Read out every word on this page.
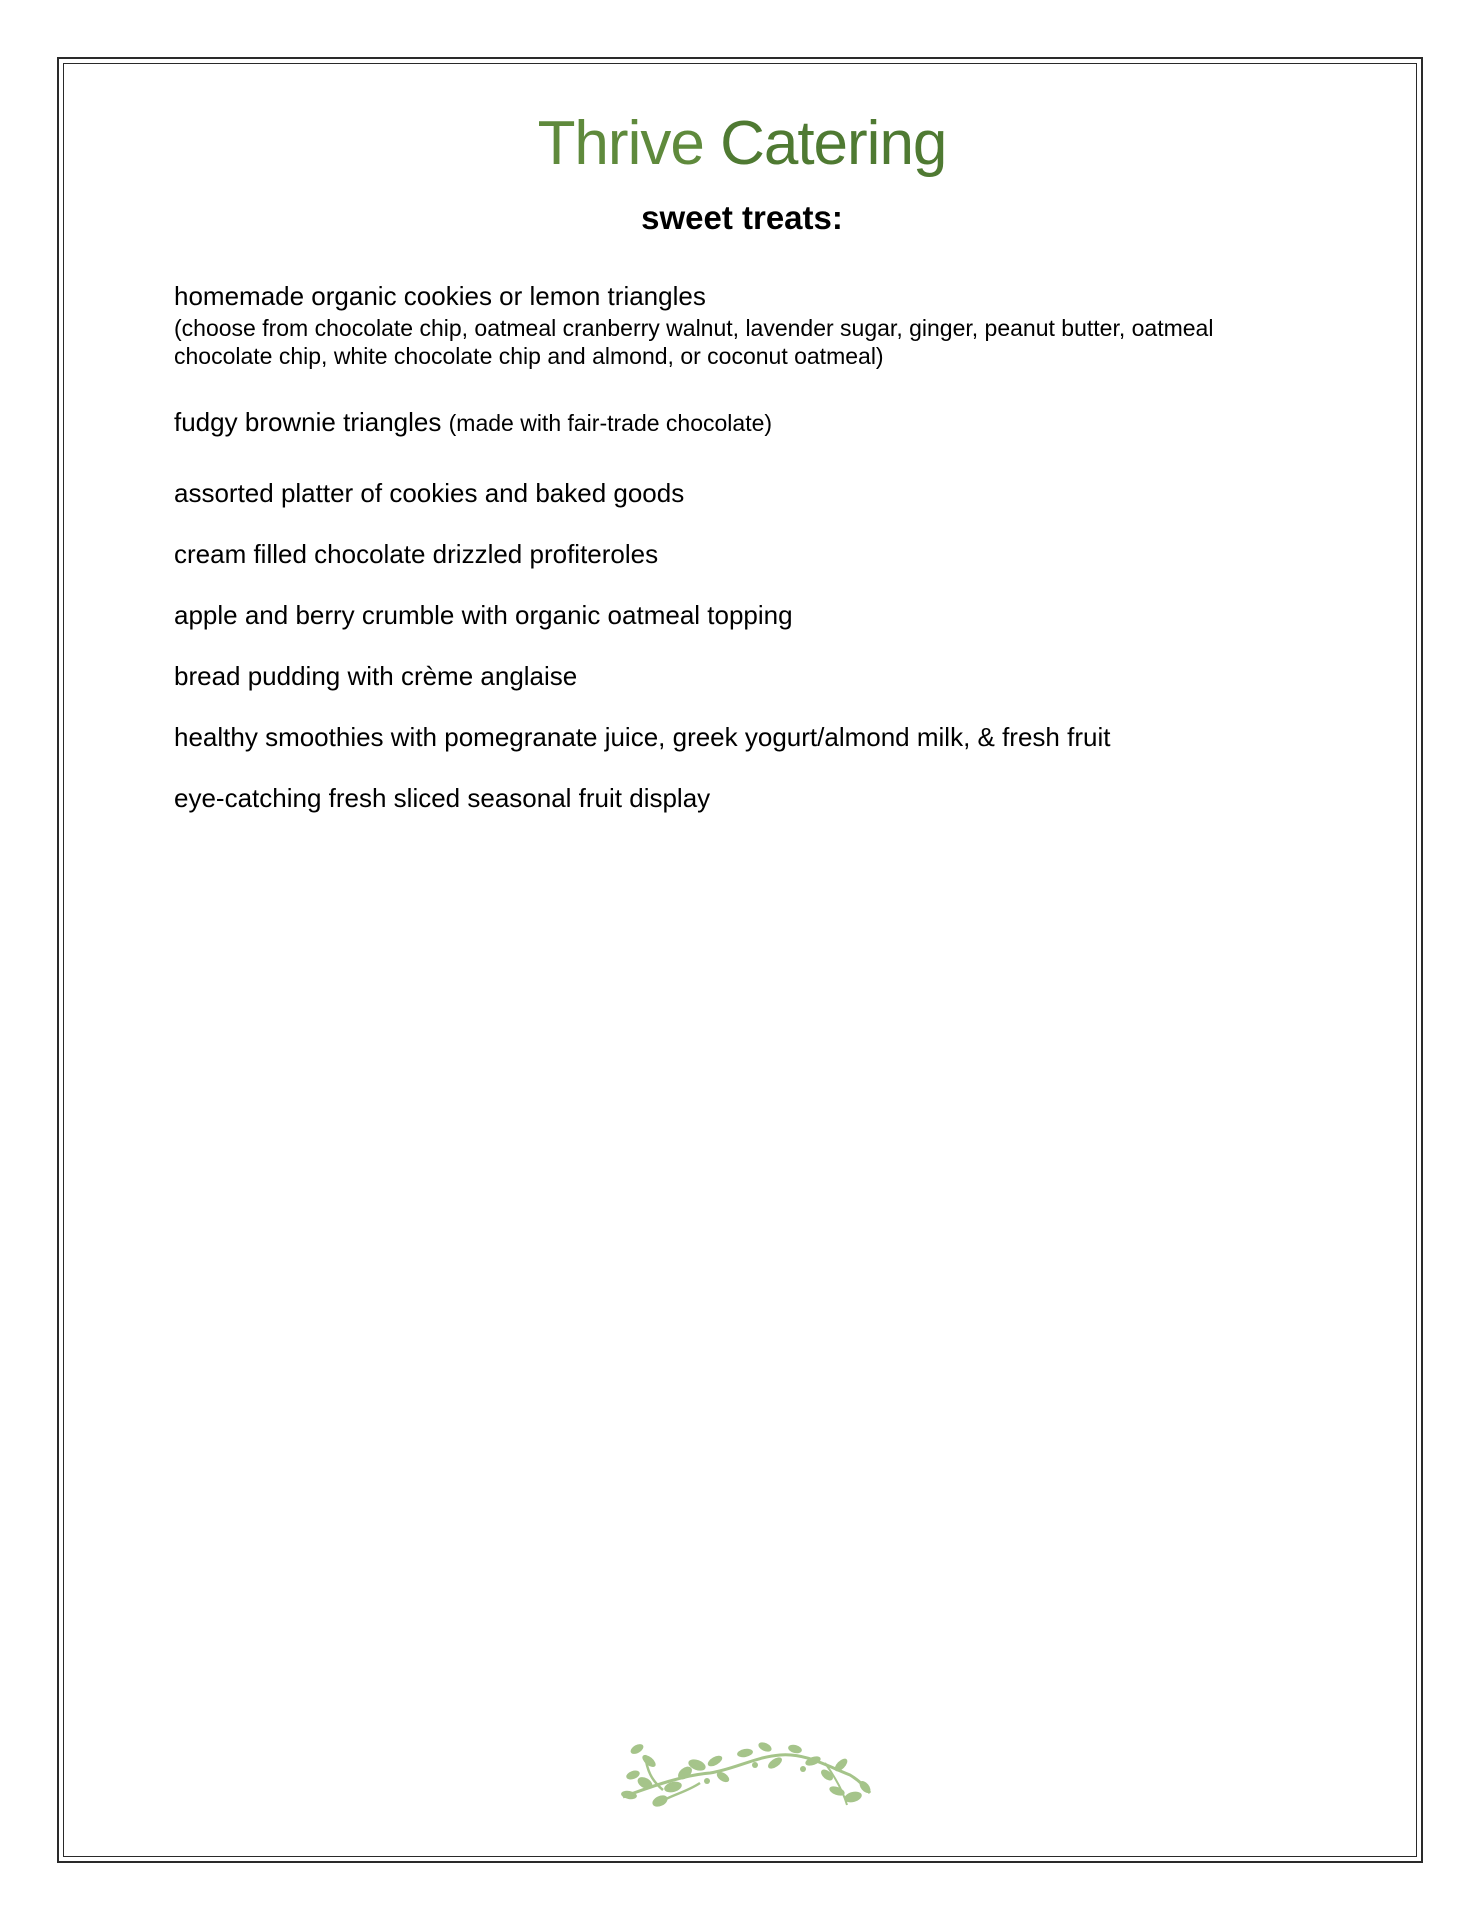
Thrive Catering
sweet treats:
homemade organic cookies or lemon triangles
(choose from chocolate chip, oatmeal cranberry walnut, lavender sugar, ginger, peanut butter, oatmeal chocolate chip, white chocolate chip and almond, or coconut oatmeal)
fudgy brownie triangles (made with fair-trade chocolate)
assorted platter of cookies and baked goods
cream filled chocolate drizzled profiteroles
apple and berry crumble with organic oatmeal topping
bread pudding with crème anglaise
healthy smoothies with pomegranate juice, greek yogurt/almond milk, & fresh fruit
eye-catching fresh sliced seasonal fruit display
